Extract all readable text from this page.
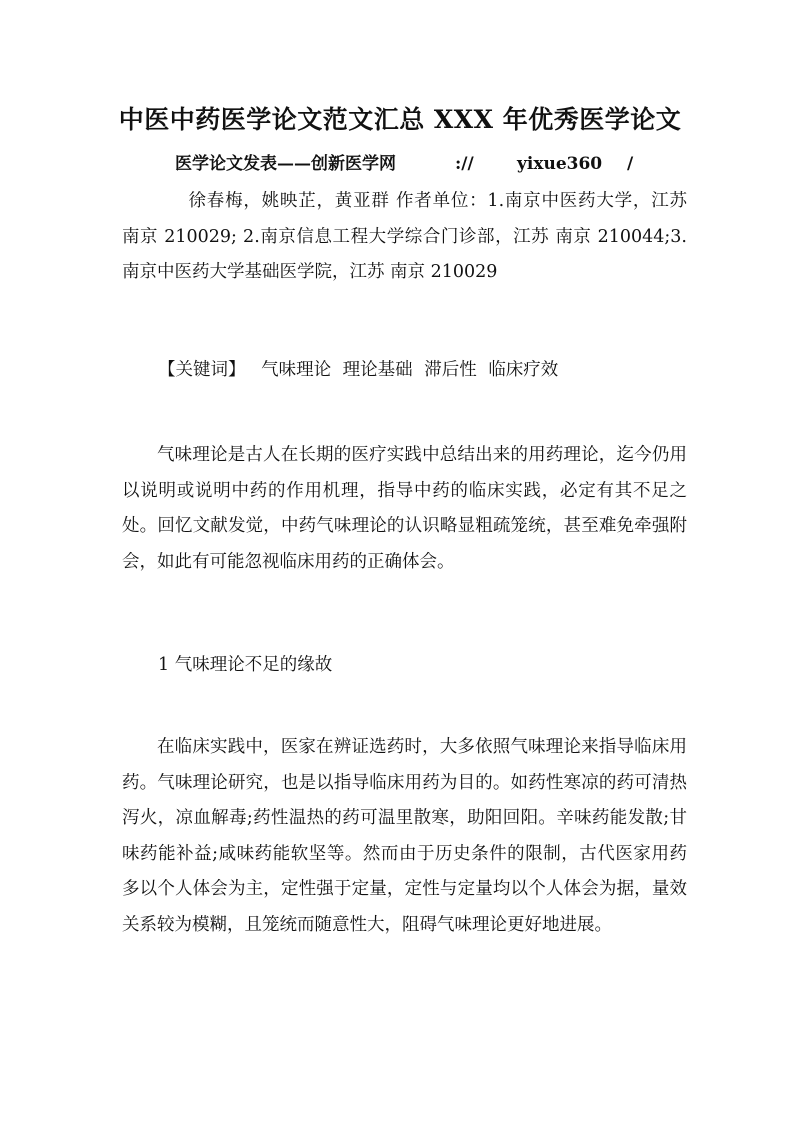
中医中药医学论文范文汇总 XXX 年优秀医学论文
医学论文发表——创新医学网	://	yixue360 /
徐春梅，姚映芷，黄亚群 作者单位：1.南京中医药大学，江苏 南京 210029; 2.南京信息工程大学综合门诊部，江苏 南京 210044;3.南京中医药大学基础医学院，江苏 南京 210029
【关键词】 气味理论 理论基础 滞后性 临床疗效
气味理论是古人在长期的医疗实践中总结出来的用药理论，迄今仍用以说明或说明中药的作用机理，指导中药的临床实践，必定有其不足之处。回忆文献发觉，中药气味理论的认识略显粗疏笼统，甚至难免牵强附会，如此有可能忽视临床用药的正确体会。
1 气味理论不足的缘故
在临床实践中，医家在辨证选药时，大多依照气味理论来指导临床用药。气味理论研究，也是以指导临床用药为目的。如药性寒凉的药可清热泻火，凉血解毒;药性温热的药可温里散寒，助阳回阳。辛味药能发散;甘味药能补益;咸味药能软坚等。然而由于历史条件的限制，古代医家用药多以个人体会为主，定性强于定量，定性与定量均以个人体会为据，量效关系较为模糊，且笼统而随意性大，阻碍气味理论更好地进展。
